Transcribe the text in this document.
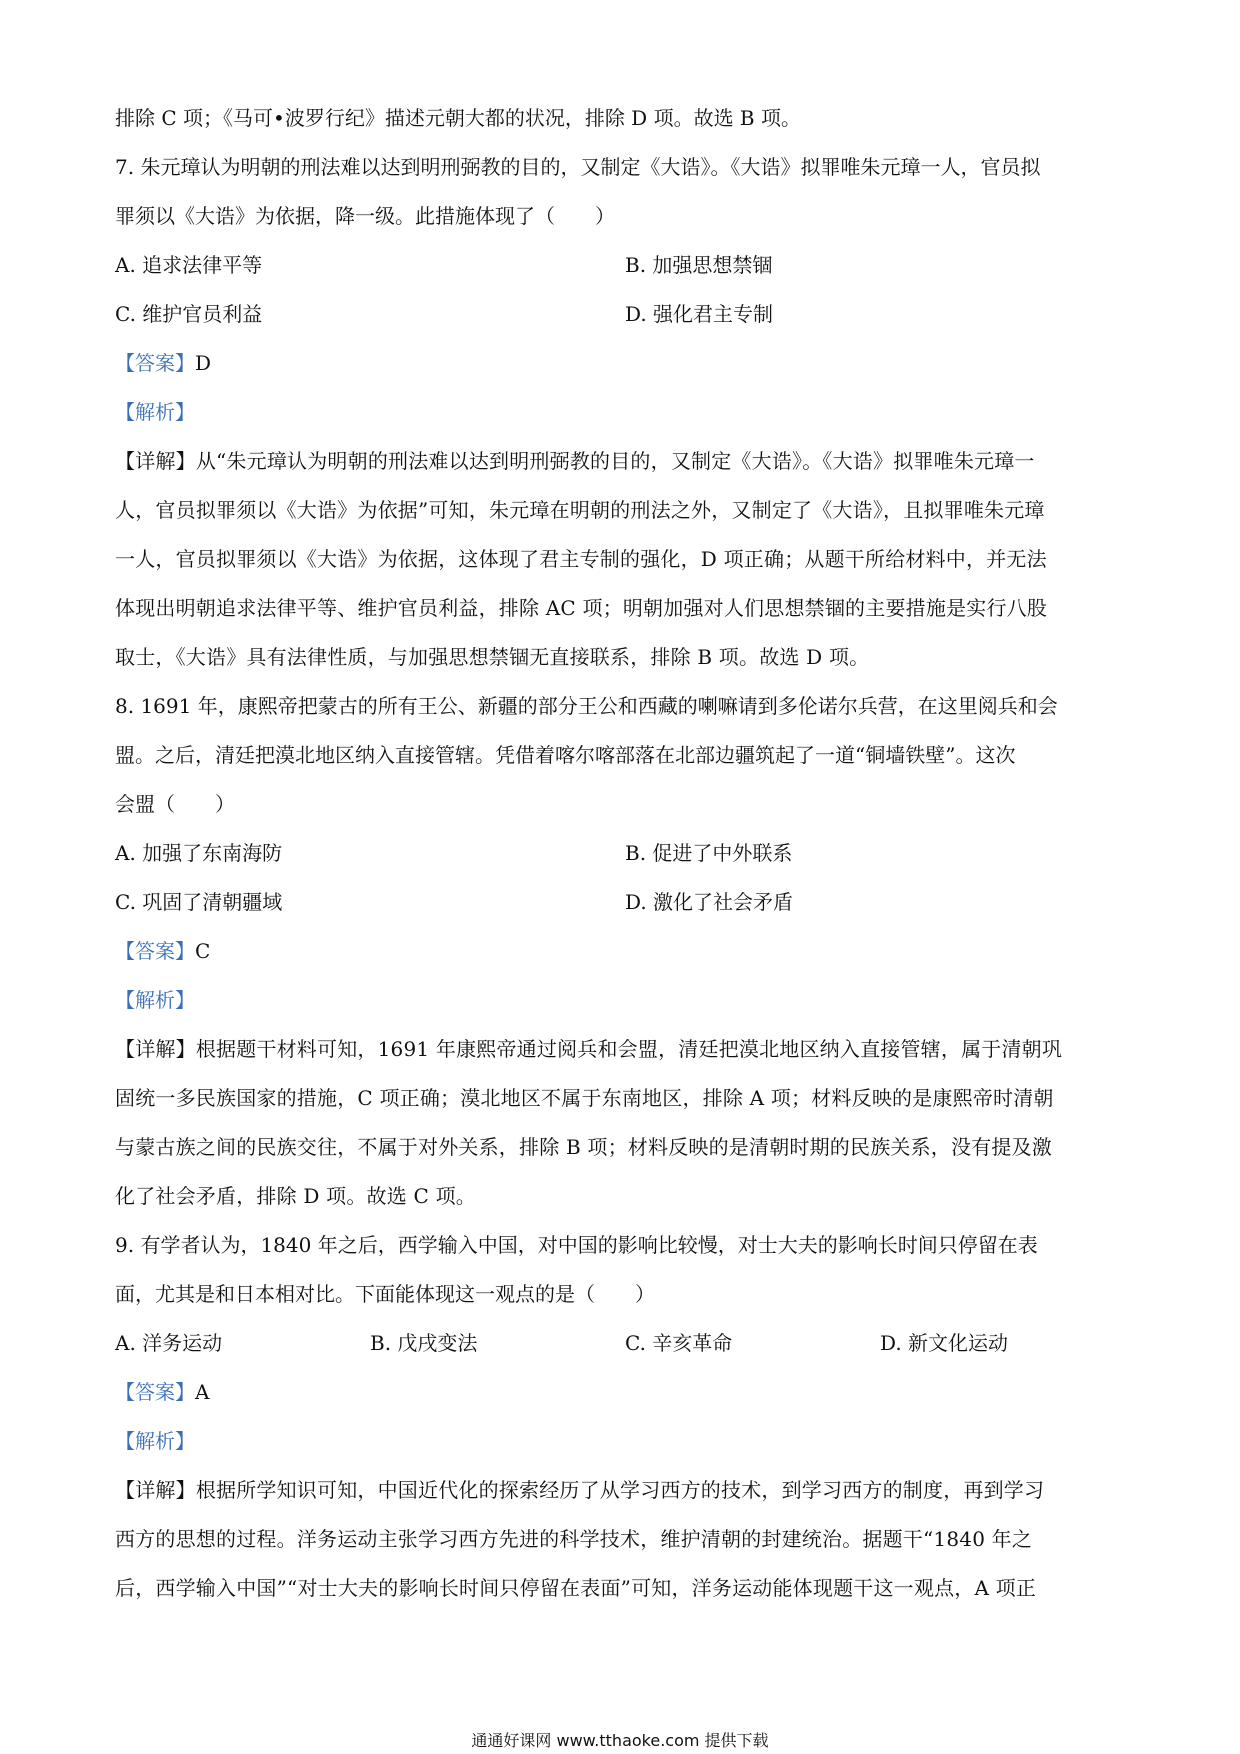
排除 C 项；《马可•波罗行纪》描述元朝大都的状况，排除 D 项。故选 B 项。
7. 朱元璋认为明朝的刑法难以达到明刑弼教的目的，又制定《大诰》。《大诰》拟罪唯朱元璋一人，官员拟
罪须以《大诰》为依据，降一级。此措施体现了（　　）
A. 追求法律平等	B. 加强思想禁锢
C. 维护官员利益	D. 强化君主专制
【答案】D
【解析】
【详解】从“朱元璋认为明朝的刑法难以达到明刑弼教的目的，又制定《大诰》。《大诰》拟罪唯朱元璋一
人，官员拟罪须以《大诰》为依据”可知，朱元璋在明朝的刑法之外，又制定了《大诰》，且拟罪唯朱元璋
一人，官员拟罪须以《大诰》为依据，这体现了君主专制的强化，D 项正确；从题干所给材料中，并无法
体现出明朝追求法律平等、维护官员利益，排除 AC 项；明朝加强对人们思想禁锢的主要措施是实行八股
取士，《大诰》具有法律性质，与加强思想禁锢无直接联系，排除 B 项。故选 D 项。
8. 1691 年，康熙帝把蒙古的所有王公、新疆的部分王公和西藏的喇嘛请到多伦诺尔兵营，在这里阅兵和会
盟。之后，清廷把漠北地区纳入直接管辖。凭借着喀尔喀部落在北部边疆筑起了一道“铜墙铁壁”。这次
会盟（　　）
A. 加强了东南海防	B. 促进了中外联系
C. 巩固了清朝疆域	D. 激化了社会矛盾
【答案】C
【解析】
【详解】根据题干材料可知，1691 年康熙帝通过阅兵和会盟，清廷把漠北地区纳入直接管辖，属于清朝巩
固统一多民族国家的措施，C 项正确；漠北地区不属于东南地区，排除 A 项；材料反映的是康熙帝时清朝
与蒙古族之间的民族交往，不属于对外关系，排除 B 项；材料反映的是清朝时期的民族关系，没有提及激
化了社会矛盾，排除 D 项。故选 C 项。
9. 有学者认为，1840 年之后，西学输入中国，对中国的影响比较慢，对士大夫的影响长时间只停留在表
面，尤其是和日本相对比。下面能体现这一观点的是（　　）
A. 洋务运动	B. 戊戌变法	C. 辛亥革命	D. 新文化运动
【答案】A
【解析】
【详解】根据所学知识可知，中国近代化的探索经历了从学习西方的技术，到学习西方的制度，再到学习
西方的思想的过程。洋务运动主张学习西方先进的科学技术，维护清朝的封建统治。据题干“1840 年之
后，西学输入中国”“对士大夫的影响长时间只停留在表面”可知，洋务运动能体现题干这一观点，A 项正
通通好课网 www.tthaoke.com 提供下载
